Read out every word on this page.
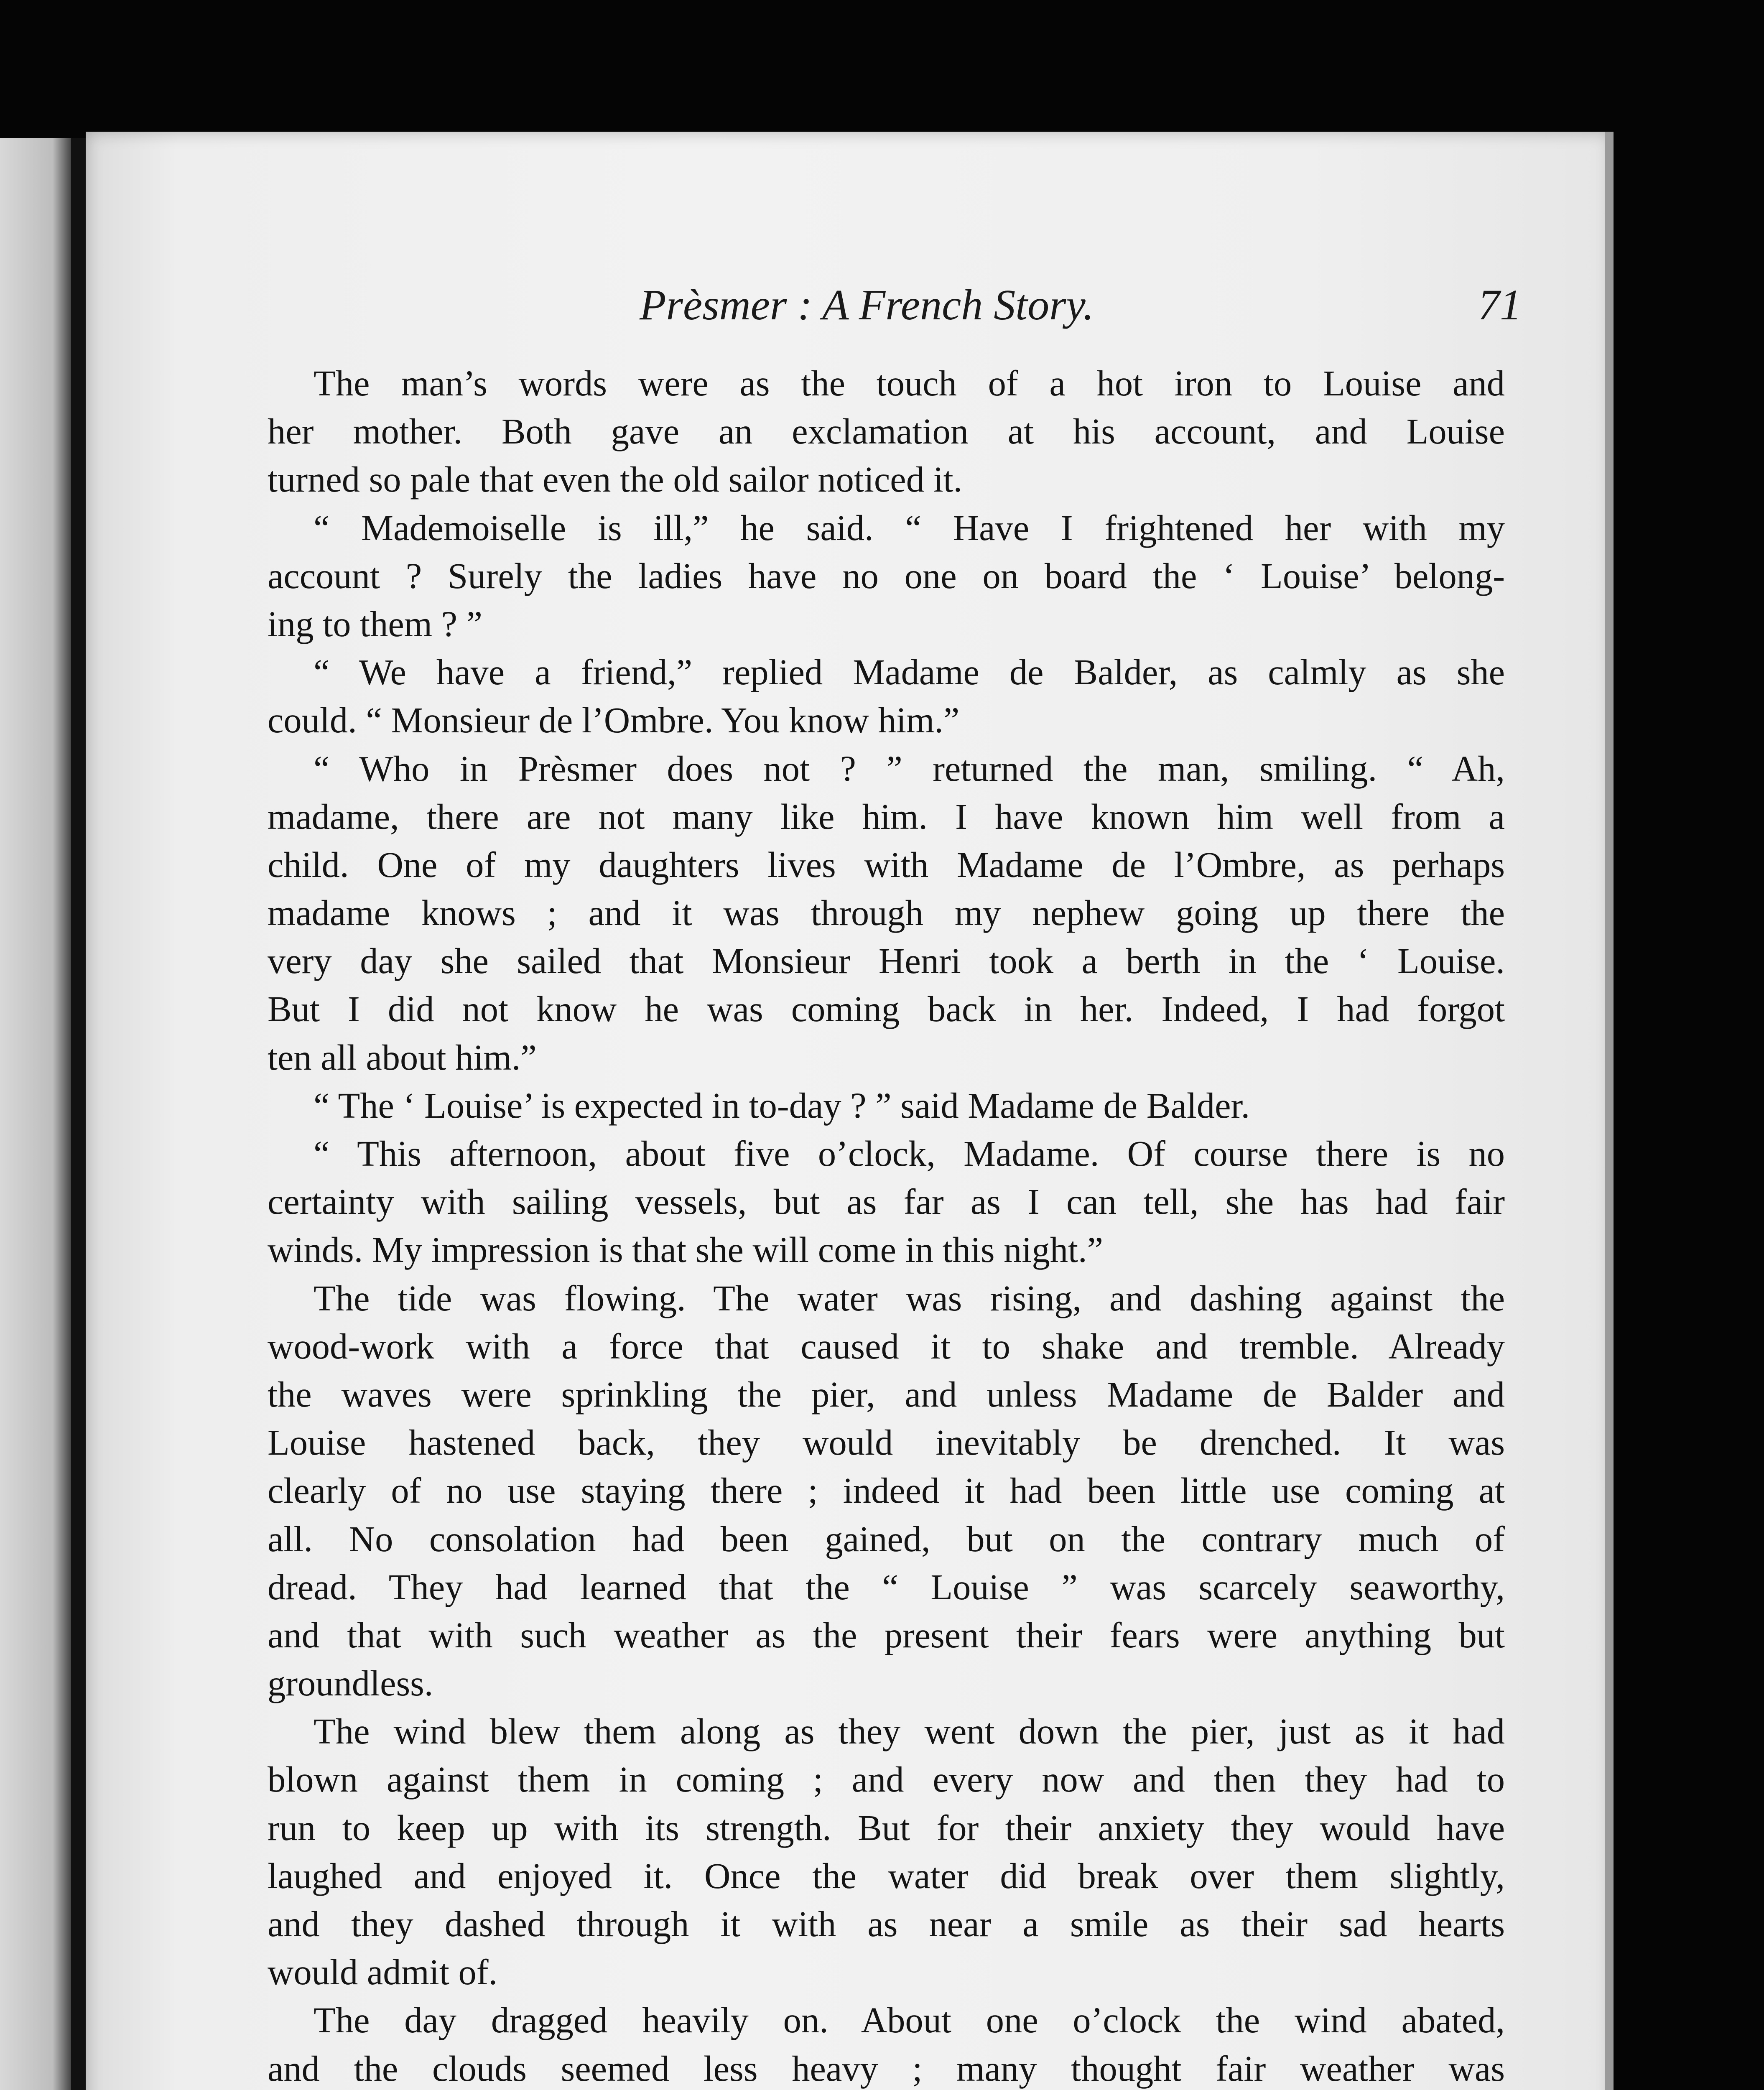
Prèsmer : A French Story.	71
The man’s words were as the touch of a hot iron to Louise and
her mother. Both gave an exclamation at his account, and Louise
turned so pale that even the old sailor noticed it.
“ Mademoiselle is ill,” he said. “ Have I frightened her with my
account ? Surely the ladies have no one on board the ‘ Louise’ belong-
ing to them ? ”
“ We have a friend,” replied Madame de Balder, as calmly as she
could. “ Monsieur de l’Ombre. You know him.”
“ Who in Prèsmer does not ? ” returned the man, smiling. “ Ah,
madame, there are not many like him. I have known him well from a
child. One of my daughters lives with Madame de l’Ombre, as perhaps
madame knows ; and it was through my nephew going up there the
very day she sailed that Monsieur Henri took a berth in the ‘ Louise.
But I did not know he was coming back in her. Indeed, I had forgot
ten all about him.”
“ The ‘ Louise’ is expected in to-day ? ” said Madame de Balder.
“ This afternoon, about five o’clock, Madame. Of course there is no
certainty with sailing vessels, but as far as I can tell, she has had fair
winds. My impression is that she will come in this night.”
The tide was flowing. The water was rising, and dashing against the
wood-work with a force that caused it to shake and tremble. Already
the waves were sprinkling the pier, and unless Madame de Balder and
Louise hastened back, they would inevitably be drenched. It was
clearly of no use staying there ; indeed it had been little use coming at
all. No consolation had been gained, but on the contrary much of
dread. They had learned that the “ Louise ” was scarcely seaworthy,
and that with such weather as the present their fears were anything but
groundless.
The wind blew them along as they went down the pier, just as it had
blown against them in coming ; and every now and then they had to
run to keep up with its strength. But for their anxiety they would have
laughed and enjoyed it. Once the water did break over them slightly,
and they dashed through it with as near a smile as their sad hearts
would admit of.
The day dragged heavily on. About one o’clock the wind abated,
and the clouds seemed less heavy ; many thought fair weather was
